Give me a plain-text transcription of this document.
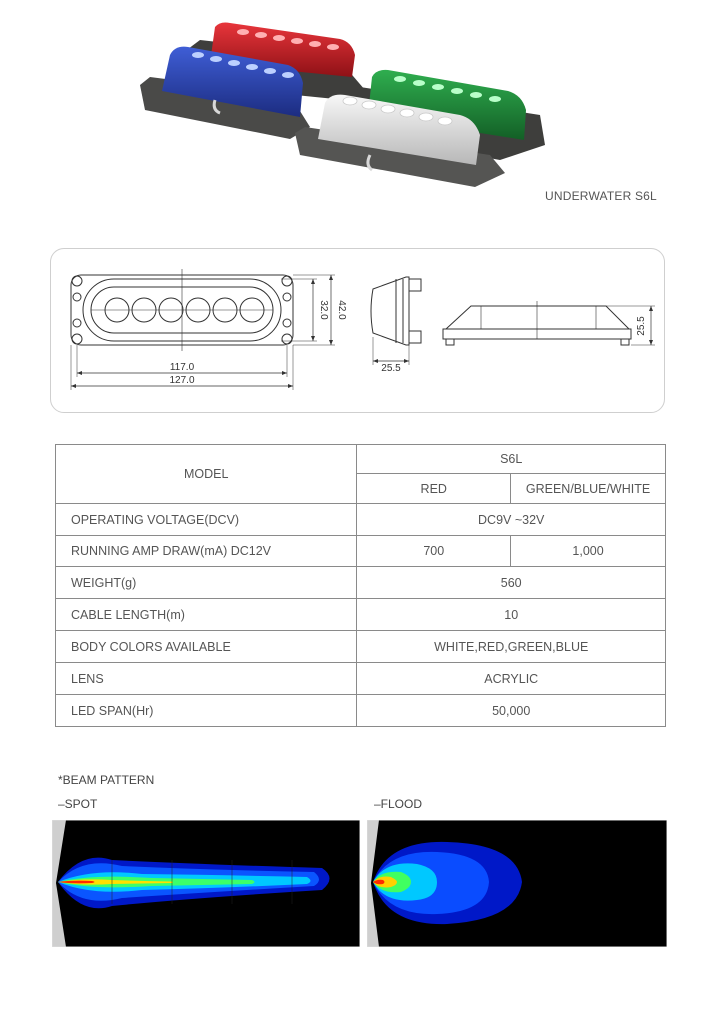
UNDERWATER S6L
117.0
127.0
32.0 42.0
25.5
25.5
MODEL	S6L	
	RED	GREEN/BLUE/WHITE
OPERATING VOLTAGE(DCV)	DC9V ~32V	
RUNNING AMP DRAW(mA) DC12V	700	1,000
WEIGHT(g)	560	
CABLE LENGTH(m)	10	
BODY COLORS AVAILABLE	WHITE,RED,GREEN,BLUE	
LENS	ACRYLIC	
LED SPAN(Hr)	50,000	
*BEAM PATTERN
–SPOT	–FLOOD
